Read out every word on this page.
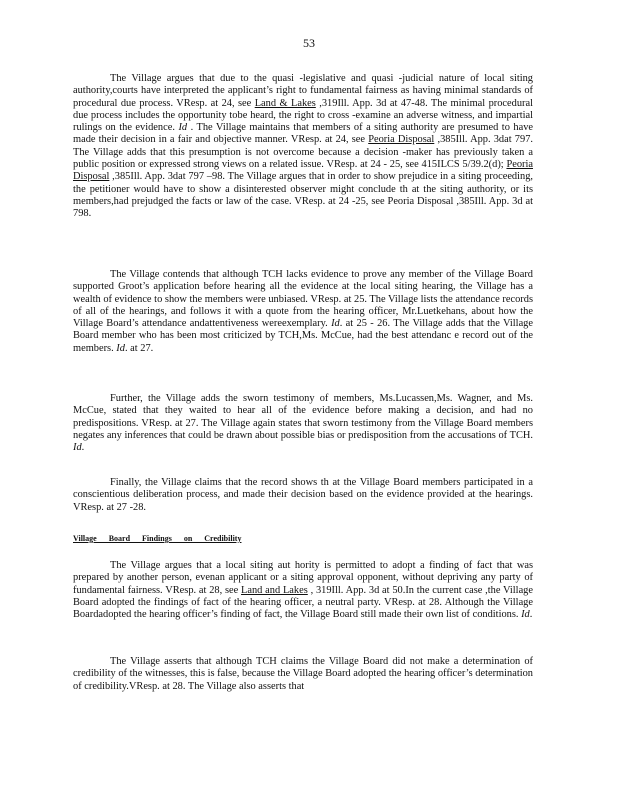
53

The Village argues that due to the quasi -legislative and quasi -judicial nature of local siting authority,courts have interpreted the applicant’s right to fundamental fairness as having minimal standards of procedural due process. VResp. at 24, see Land & Lakes ,319Ill. App. 3d at 47-48. The minimal procedural due process includes the opportunity tobe heard, the right to cross -examine an adverse witness, and impartial rulings on the evidence. Id . The Village maintains that members of a siting authority are presumed to have made their decision in a fair and objective manner. VResp. at 24, see Peoria Disposal ,385Ill. App. 3dat 797. The Village adds that this presumption is not overcome because a decision -maker has previously taken a public position or expressed strong views on a related issue. VResp. at 24 - 25, see 415ILCS 5/39.2(d); Peoria Disposal ,385Ill. App. 3dat 797 –98. The Village argues that in order to show prejudice in a siting proceeding, the petitioner would have to show a disinterested observer might conclude th at the siting authority, or its members,had prejudged the facts or law of the case. VResp. at 24 -25, see Peoria Disposal ,385Ill. App. 3d at 798.

The Village contends that although TCH lacks evidence to prove any member of the Village Board supported Groot’s application before hearing all the evidence at the local siting hearing, the Village has a wealth of evidence to show the members were unbiased. VResp. at 25. The Village lists the attendance records of all of the hearings, and follows it with a quote from the hearing officer, Mr.Luetkehans, about how the Village Board’s attendance andattentiveness wereexemplary. Id. at 25 - 26. The Village adds that the Village Board member who has been most criticized by TCH,Ms. McCue, had the best attendanc e record out of the members. Id. at 27.

Further, the Village adds the sworn testimony of members, Ms.Lucassen,Ms. Wagner, and Ms. McCue, stated that they waited to hear all of the evidence before making a decision, and had no predispositions. VResp. at 27. The Village again states that sworn testimony from the Village Board members negates any inferences that could be drawn about possible bias or predisposition from the accusations of TCH. Id.

Finally, the Village claims that the record shows th at the Village Board members participated in a conscientious deliberation process, and made their decision based on the evidence provided at the hearings. VResp. at 27 -28.

Village Board Findings on Credibility

The Village argues that a local siting aut hority is permitted to adopt a finding of fact that was prepared by another person, evenan applicant or a siting approval opponent, without depriving any party of fundamental fairness. VResp. at 28, see Land and Lakes , 319Ill. App. 3d at 50.In the current case ,the Village Board adopted the findings of fact of the hearing officer, a neutral party. VResp. at 28. Although the Village Boardadopted the hearing officer’s finding of fact, the Village Board still made their own list of conditions. Id.

The Village asserts that although TCH claims the Village Board did not make a determination of credibility of the witnesses, this is false, because the Village Board adopted the hearing officer’s determination of credibility.VResp. at 28. The Village also asserts that
